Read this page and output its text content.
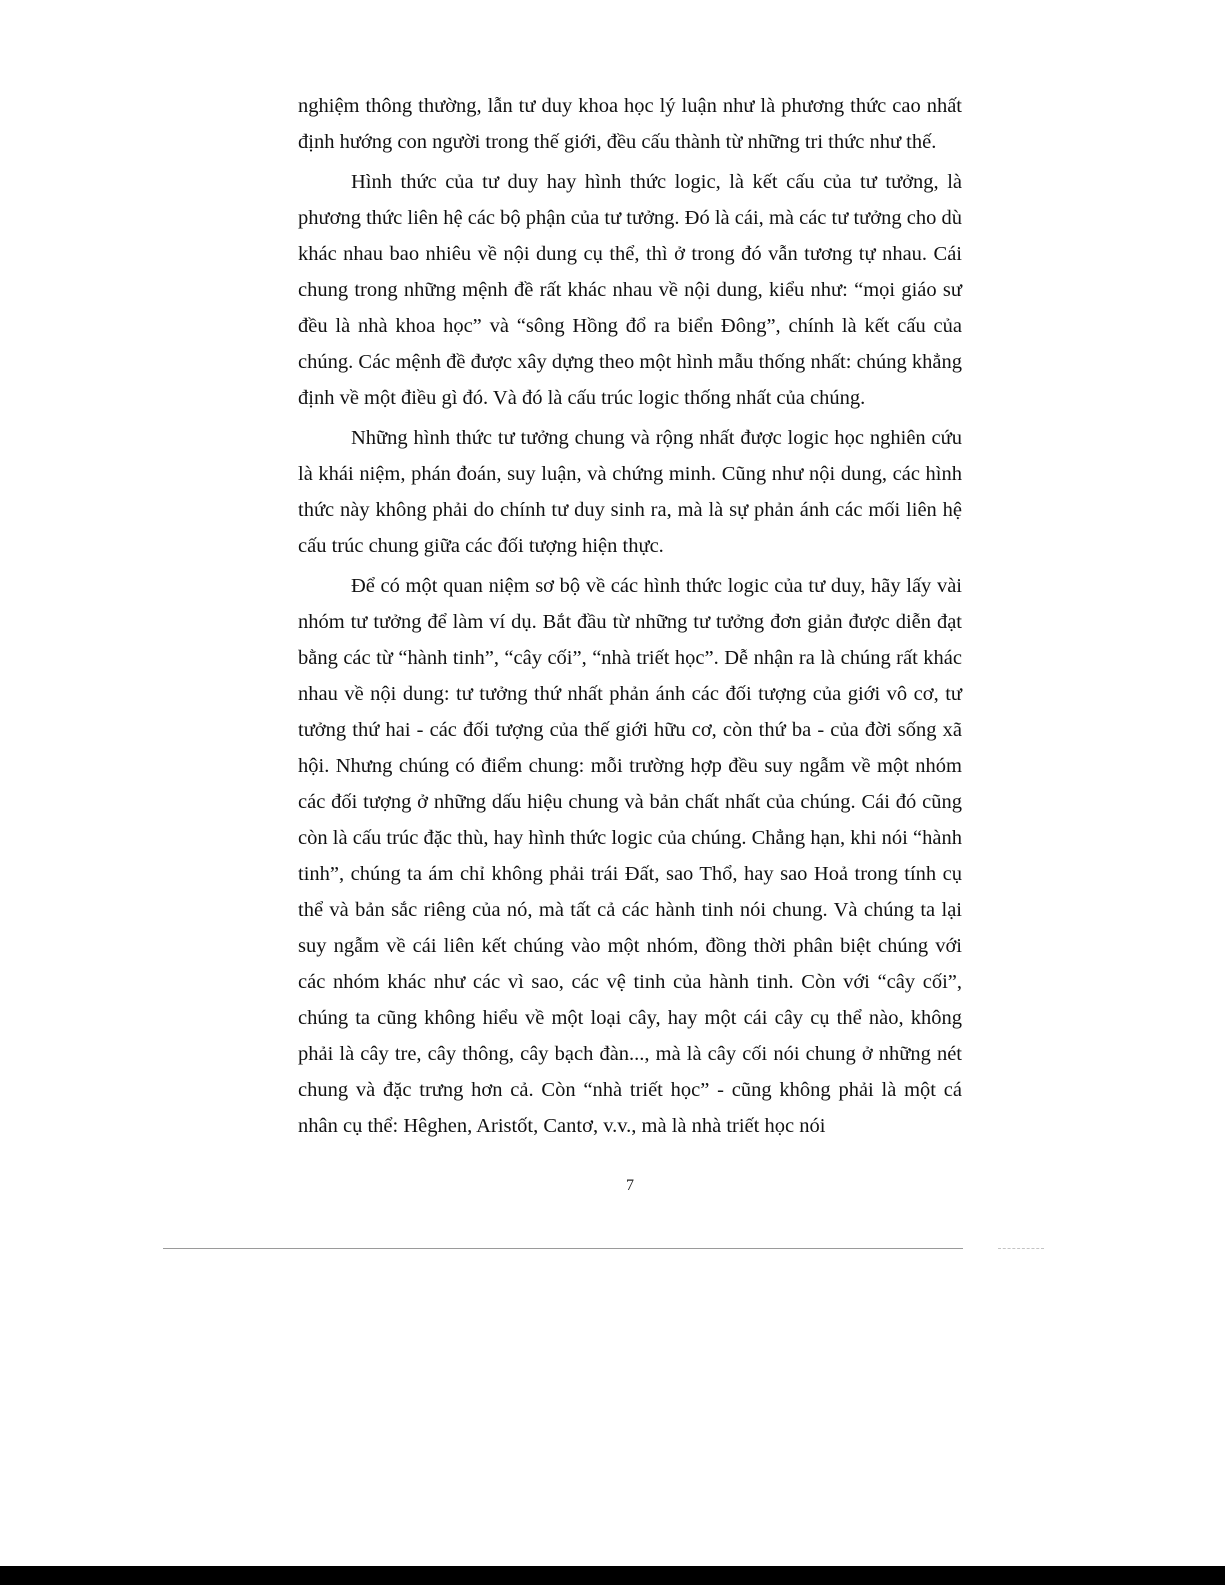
nghiệm thông thường, lẫn tư duy khoa học lý luận như là phương thức cao nhất định hướng con người trong thế giới, đều cấu thành từ những tri thức như thế.

Hình thức của tư duy hay hình thức logic, là kết cấu của tư tưởng, là phương thức liên hệ các bộ phận của tư tưởng. Đó là cái, mà các tư tưởng cho dù khác nhau bao nhiêu về nội dung cụ thể, thì ở trong đó vẫn tương tự nhau. Cái chung trong những mệnh đề rất khác nhau về nội dung, kiểu như: “mọi giáo sư đều là nhà khoa học” và “sông Hồng đổ ra biển Đông”, chính là kết cấu của chúng. Các mệnh đề được xây dựng theo một hình mẫu thống nhất: chúng khẳng định về một điều gì đó. Và đó là cấu trúc logic thống nhất của chúng.

Những hình thức tư tưởng chung và rộng nhất được logic học nghiên cứu là khái niệm, phán đoán, suy luận, và chứng minh. Cũng như nội dung, các hình thức này không phải do chính tư duy sinh ra, mà là sự phản ánh các mối liên hệ cấu trúc chung giữa các đối tượng hiện thực.

Để có một quan niệm sơ bộ về các hình thức logic của tư duy, hãy lấy vài nhóm tư tưởng để làm ví dụ. Bắt đầu từ những tư tưởng đơn giản được diễn đạt bằng các từ “hành tinh”, “cây cối”, “nhà triết học”. Dễ nhận ra là chúng rất khác nhau về nội dung: tư tưởng thứ nhất phản ánh các đối tượng của giới vô cơ, tư tưởng thứ hai - các đối tượng của thế giới hữu cơ, còn thứ ba - của đời sống xã hội. Nhưng chúng có điểm chung: mỗi trường hợp đều suy ngẫm về một nhóm các đối tượng ở những dấu hiệu chung và bản chất nhất của chúng. Cái đó cũng còn là cấu trúc đặc thù, hay hình thức logic của chúng. Chẳng hạn, khi nói “hành tinh”, chúng ta ám chỉ không phải trái Đất, sao Thổ, hay sao Hoả trong tính cụ thể và bản sắc riêng của nó, mà tất cả các hành tinh nói chung. Và chúng ta lại suy ngẫm về cái liên kết chúng vào một nhóm, đồng thời phân biệt chúng với các nhóm khác như các vì sao, các vệ tinh của hành tinh. Còn với “cây cối”, chúng ta cũng không hiểu về một loại cây, hay một cái cây cụ thể nào, không phải là cây tre, cây thông, cây bạch đàn..., mà là cây cối nói chung ở những nét chung và đặc trưng hơn cả. Còn “nhà triết học” - cũng không phải là một cá nhân cụ thể: Hêghen, Aristốt, Cantơ, v.v., mà là nhà triết học nói

7
